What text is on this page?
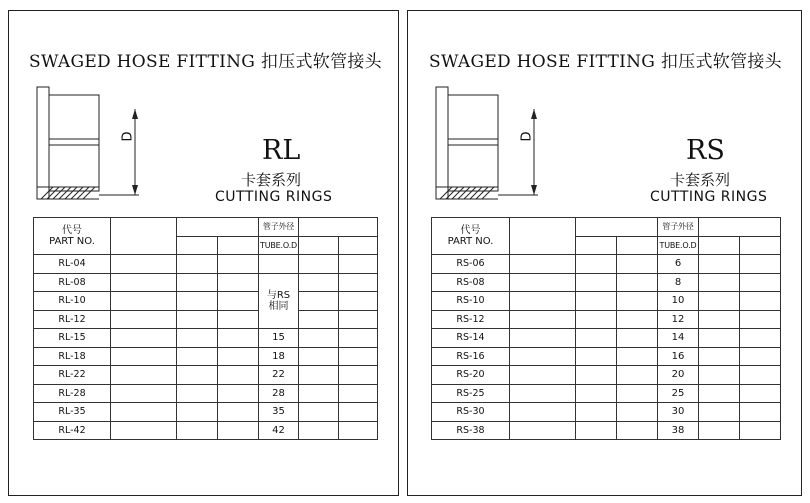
SWAGED HOSE FITTING 扣压式软管接头
D	RL
卡套系列
CUTTING RINGS
代号
PART NO.				管子外径		
				TUBE.O.D		
RL-04						
RL-08				与RS
相同		

RL-10						
RL-12						
RL-15				15		
RL-18				18		
RL-22				22		
RL-28				28		
RL-35				35		
RL-42				42		
SWAGED HOSE FITTING 扣压式软管接头
D	RS
卡套系列
CUTTING RINGS
代号
PART NO.				管子外径		
				TUBE.O.D		
RS-06				6		
RS-08				8		
RS-10				10		
RS-12				12		
RS-14				14		
RS-16				16		
RS-20				20		
RS-25				25		
RS-30				30		
RS-38				38		
